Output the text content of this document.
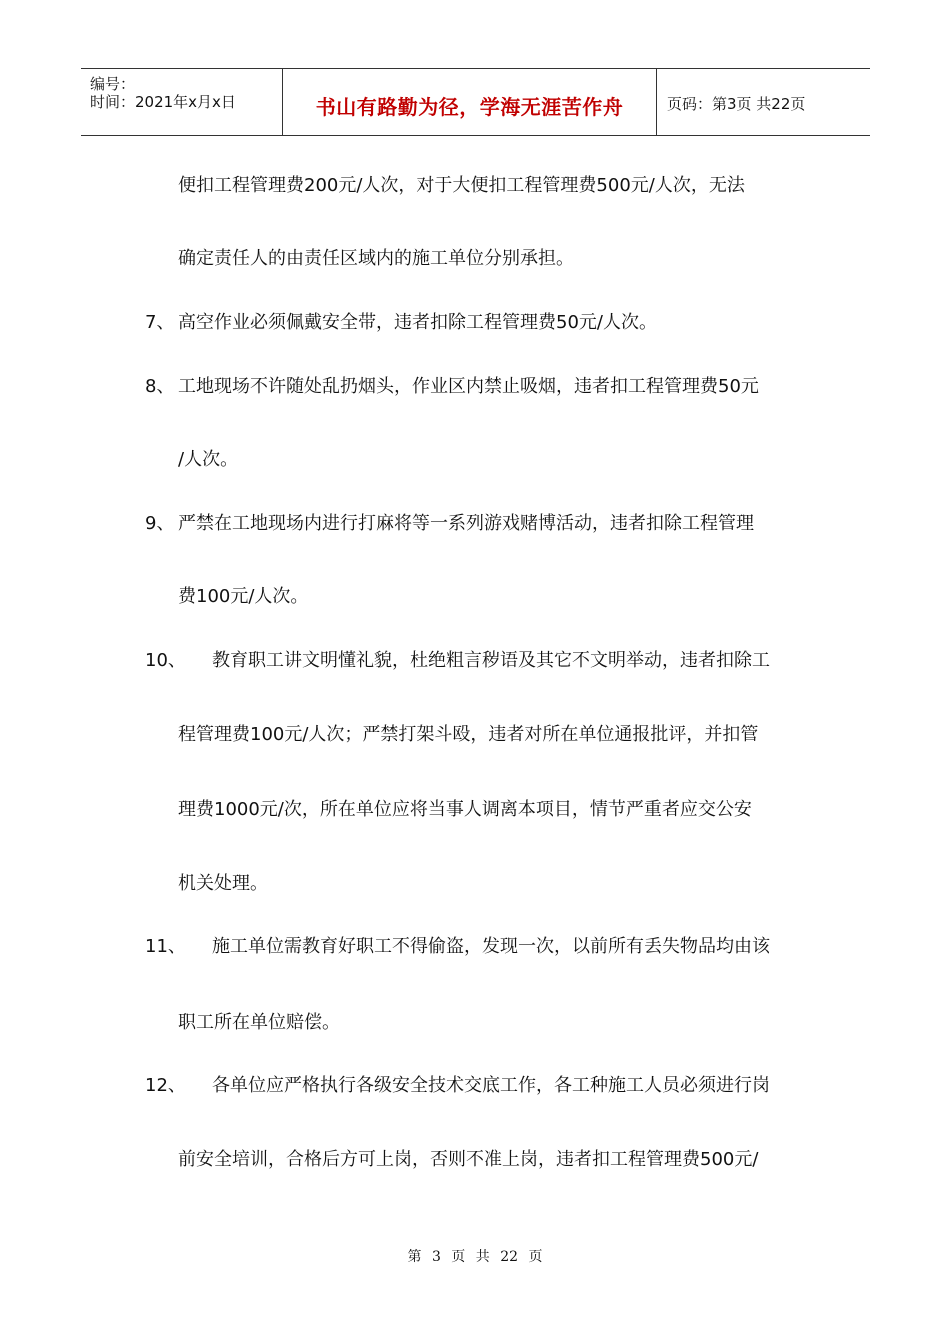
编号：
时间：2021年x月x日	书山有路勤为径，学海无涯苦作舟	页码：第3页 共22页
便扣工程管理费200元/人次，对于大便扣工程管理费500元/人次，无法
确定责任人的由责任区域内的施工单位分别承担。
7、 高空作业必须佩戴安全带，违者扣除工程管理费50元/人次。
8、 工地现场不许随处乱扔烟头，作业区内禁止吸烟，违者扣工程管理费50元
/人次。
9、 严禁在工地现场内进行打麻将等一系列游戏赌博活动，违者扣除工程管理
费100元/人次。
10、 教育职工讲文明懂礼貌，杜绝粗言秽语及其它不文明举动，违者扣除工
程管理费100元/人次；严禁打架斗殴，违者对所在单位通报批评，并扣管
理费1000元/次，所在单位应将当事人调离本项目，情节严重者应交公安
机关处理。
11、 施工单位需教育好职工不得偷盗，发现一次，以前所有丢失物品均由该
职工所在单位赔偿。
12、 各单位应严格执行各级安全技术交底工作，各工种施工人员必须进行岗
前安全培训，合格后方可上岗，否则不准上岗，违者扣工程管理费500元/
第 3 页 共 22 页
